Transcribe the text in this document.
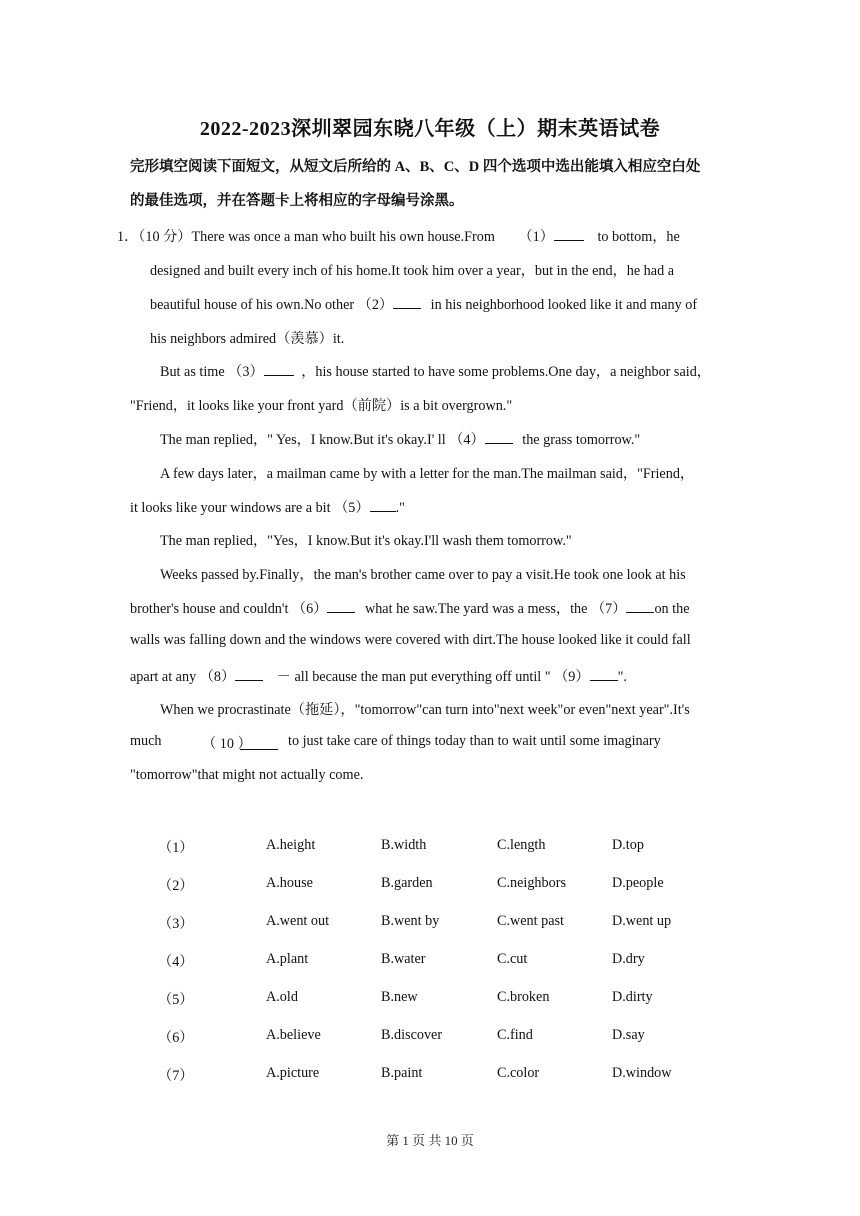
2022-2023深圳翠园东晓八年级（上）期末英语试卷
完形填空阅读下面短文，从短文后所给的 A、B、C、D 四个选项中选出能填入相应空白处
的最佳选项，并在答题卡上将相应的字母编号涂黑。
1．（10 分）There was once a man who built his own house.From （1）	to bottom，he
designed and built every inch of his home.It took him over a year，but in the end，he had a
beautiful house of his own.No other （2）	in his neighborhood looked like it and many of
his neighbors admired（羡慕）it.
But as time （3）	，his house started to have some problems.One day，a neighbor said，
"Friend，it looks like your front yard（前院）is a bit overgrown."
The man replied，" Yes，I know.But it's okay.I' ll （4）	the grass tomorrow."
A few days later，a mailman came by with a letter for the man.The mailman said，"Friend，
it looks like your windows are a bit （5） ."
The man replied，"Yes，I know.But it's okay.I'll wash them tomorrow."
Weeks passed by.Finally，the man's brother came over to pay a visit.He took one look at his
brother's house and couldn't （6）	what he saw.The yard was a mess，the （7） on the
walls was falling down and the windows were covered with dirt.The house looked like it could fall
apart at any （8）	－ all because the man put everything off until " （9） ".
When we procrastinate（拖延），"tomorrow"can turn into"next week"or even"next year".It's
much	（ 10 ）	to just take care of things today than to wait until some imaginary
"tomorrow"that might not actually come.
（1）	A.height	B.width	C.length	D.top
（2）	A.house	B.garden	C.neighbors	D.people
（3）	A.went out	B.went by	C.went past	D.went up
（4）	A.plant	B.water	C.cut	D.dry
（5）	A.old	B.new	C.broken	D.dirty
（6）	A.believe	B.discover	C.find	D.say
（7）	A.picture	B.paint	C.color	D.window
第 1 页 共 10 页
